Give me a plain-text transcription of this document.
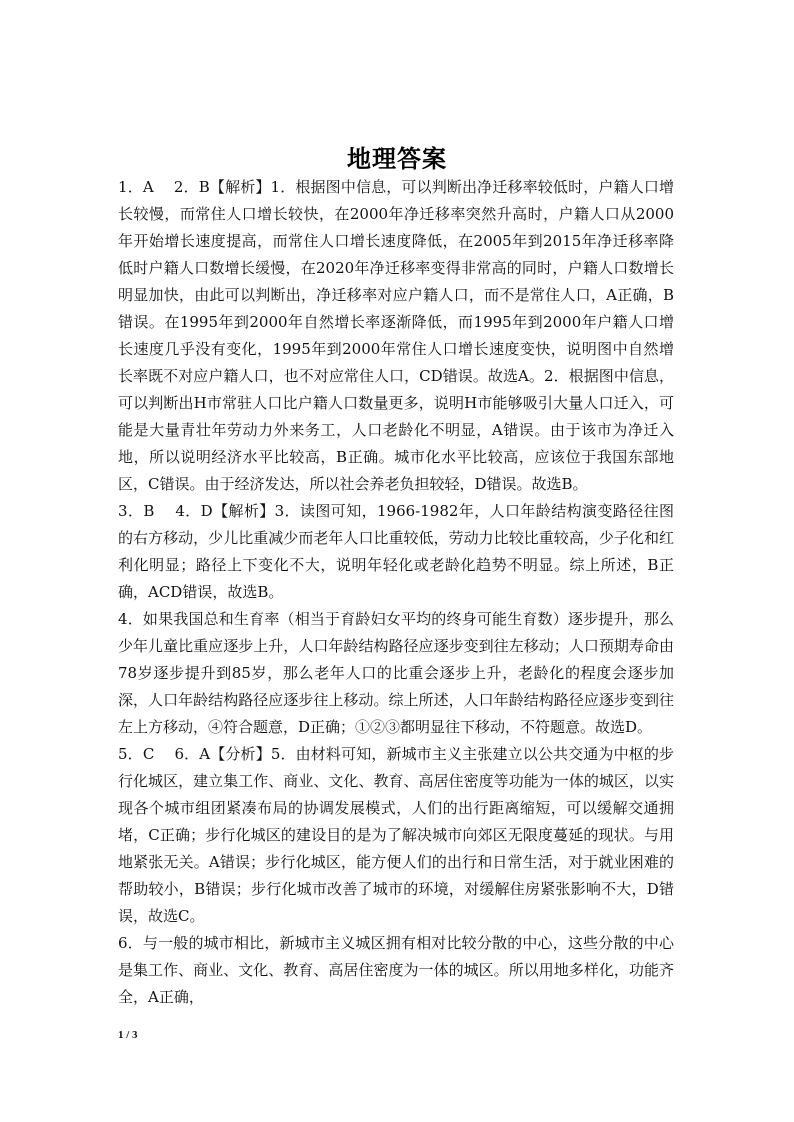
地理答案

1．A　 2．B【解析】1．根据图中信息，可以判断出净迁移率较低时，户籍人口增长较慢，而常住人口增长较快，在2000年净迁移率突然升高时，户籍人口从2000年开始增长速度提高，而常住人口增长速度降低，在2005年到2015年净迁移率降低时户籍人口数增长缓慢，在2020年净迁移率变得非常高的同时，户籍人口数增长明显加快，由此可以判断出，净迁移率对应户籍人口，而不是常住人口，A正确，B错误。在1995年到2000年自然增长率逐渐降低，而1995年到2000年户籍人口增长速度几乎没有变化，1995年到2000年常住人口增长速度变快，说明图中自然增长率既不对应户籍人口，也不对应常住人口，CD错误。故选A。2．根据图中信息，可以判断出H市常驻人口比户籍人口数量更多，说明H市能够吸引大量人口迁入，可能是大量青壮年劳动力外来务工，人口老龄化不明显，A错误。由于该市为净迁入地，所以说明经济水平比较高，B正确。城市化水平比较高，应该位于我国东部地区，C错误。由于经济发达，所以社会养老负担较轻，D错误。故选B。

3．B　 4．D【解析】3．读图可知，1966-1982年，人口年龄结构演变路径往图的右方移动，少儿比重减少而老年人口比重较低，劳动力比较比重较高，少子化和红利化明显；路径上下变化不大，说明年轻化或老龄化趋势不明显。综上所述，B正确，ACD错误，故选B。

4．如果我国总和生育率（相当于育龄妇女平均的终身可能生育数）逐步提升，那么少年儿童比重应逐步上升，人口年龄结构路径应逐步变到往左移动；人口预期寿命由78岁逐步提升到85岁，那么老年人口的比重会逐步上升，老龄化的程度会逐步加深，人口年龄结构路径应逐步往上移动。综上所述，人口年龄结构路径应逐步变到往左上方移动，④符合题意，D正确；①②③都明显往下移动，不符题意。故选D。

5．C　 6．A【分析】5．由材料可知，新城市主义主张建立以公共交通为中枢的步行化城区，建立集工作、商业、文化、教育、高居住密度等功能为一体的城区，以实现各个城市组团紧凑布局的协调发展模式，人们的出行距离缩短，可以缓解交通拥堵，C正确；步行化城区的建设目的是为了解决城市向郊区无限度蔓延的现状。与用地紧张无关。A错误；步行化城区，能方便人们的出行和日常生活，对于就业困难的帮助较小，B错误；步行化城市改善了城市的环境，对缓解住房紧张影响不大，D错误，故选C。

6．与一般的城市相比，新城市主义城区拥有相对比较分散的中心，这些分散的中心是集工作、商业、文化、教育、高居住密度为一体的城区。所以用地多样化，功能齐全，A正确，

1 / 3
